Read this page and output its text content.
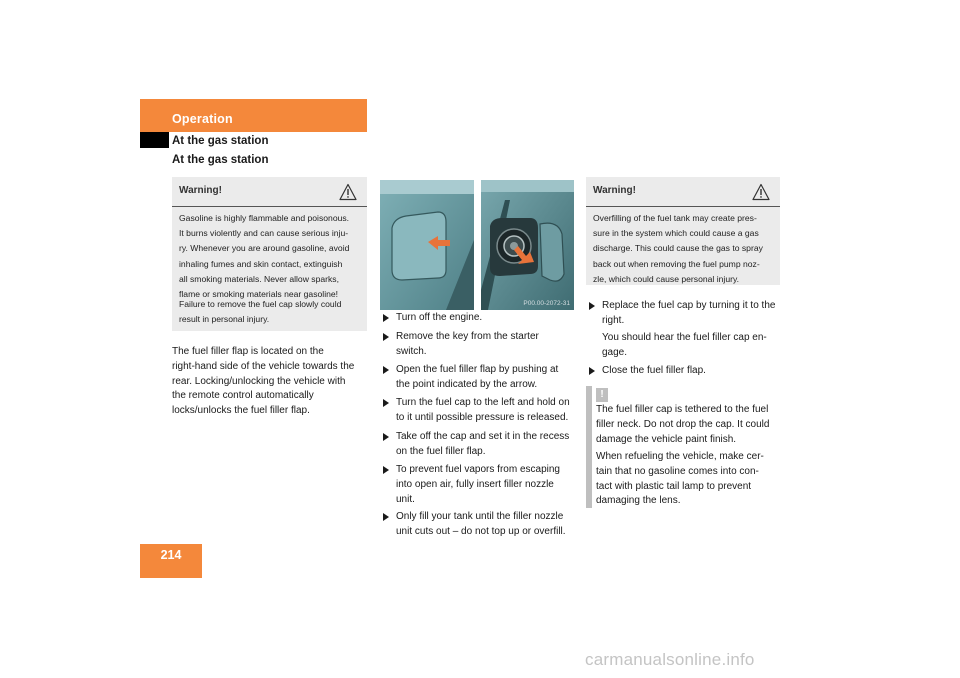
Operation
At the gas station
At the gas station
Warning!
Gasoline is highly flammable and poisonous.
It burns violently and can cause serious inju-
ry. Whenever you are around gasoline, avoid
inhaling fumes and skin contact, extinguish
all smoking materials. Never allow sparks,
flame or smoking materials near gasoline!
Failure to remove the fuel cap slowly could
result in personal injury.
The fuel filler flap is located on the
right-hand side of the vehicle towards the
rear. Locking/unlocking the vehicle with
the remote control automatically
locks/unlocks the fuel filler flap.
P00.00-2072-31
Turn off the engine.
Remove the key from the starter
switch.
Open the fuel filler flap by pushing at
the point indicated by the arrow.
Turn the fuel cap to the left and hold on
to it until possible pressure is released.
Take off the cap and set it in the recess
on the fuel filler flap.
To prevent fuel vapors from escaping
into open air, fully insert filler nozzle
unit.
Only fill your tank until the filler nozzle
unit cuts out – do not top up or overfill.
Warning!
Overfilling of the fuel tank may create pres-
sure in the system which could cause a gas
discharge. This could cause the gas to spray
back out when removing the fuel pump noz-
zle, which could cause personal injury.
Replace the fuel cap by turning it to the
right.
You should hear the fuel filler cap en-
gage.
Close the fuel filler flap.
!
The fuel filler cap is tethered to the fuel
filler neck. Do not drop the cap. It could
damage the vehicle paint finish.
When refueling the vehicle, make cer-
tain that no gasoline comes into con-
tact with plastic tail lamp to prevent
damaging the lens.
214
carmanualsonline.info
